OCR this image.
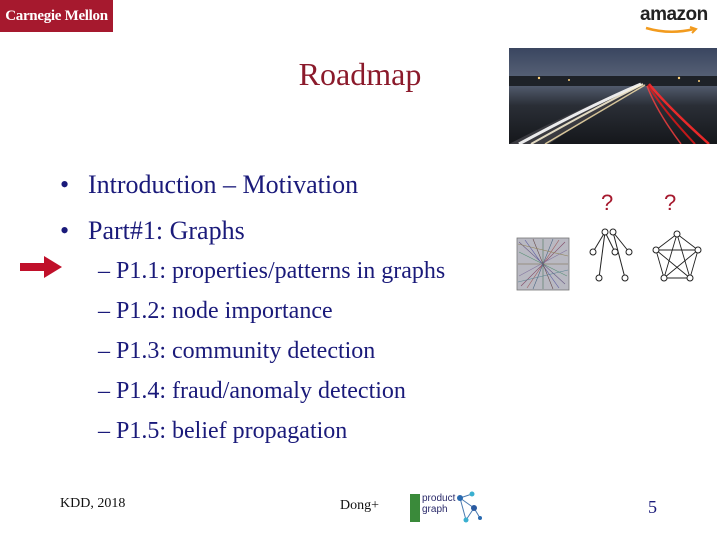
Carnegie Mellon	amazon
Roadmap
• Introduction – Motivation
• Part#1: Graphs
– P1.1: properties/patterns in graphs
– P1.2: node importance
– P1.3: community detection
– P1.4: fraud/anomaly detection
– P1.5: belief propagation
? ?
KDD, 2018	Dong+	product
graph	5
